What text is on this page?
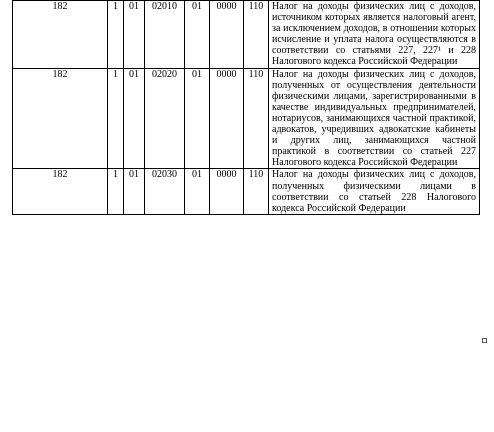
182	1	01	02010	01	0000	110	Налог на доходы физических лиц с доходов, источником которых является налоговый агент, за исключением доходов, в отношении которых исчисление и уплата налога осуществляются в соответствии со статьями 227, 227¹ и 228 Налогового кодекса Российской Федерации
182	1	01	02020	01	0000	110	Налог на доходы физических лиц с доходов, полученных от осуществления деятельности физическими лицами, зарегистрированными в качестве индивидуальных предпринимателей, нотариусов, занимающихся частной практикой, адвокатов, учредивших адвокатские кабинеты и других лиц, занимающихся частной практикой в соответствии со статьей 227 Налогового кодекса Российской Федерации
182	1	01	02030	01	0000	110	Налог на доходы физических лиц с доходов, полученных физическими лицами в соответствии со статьей 228 Налогового кодекса Российской Федерации
